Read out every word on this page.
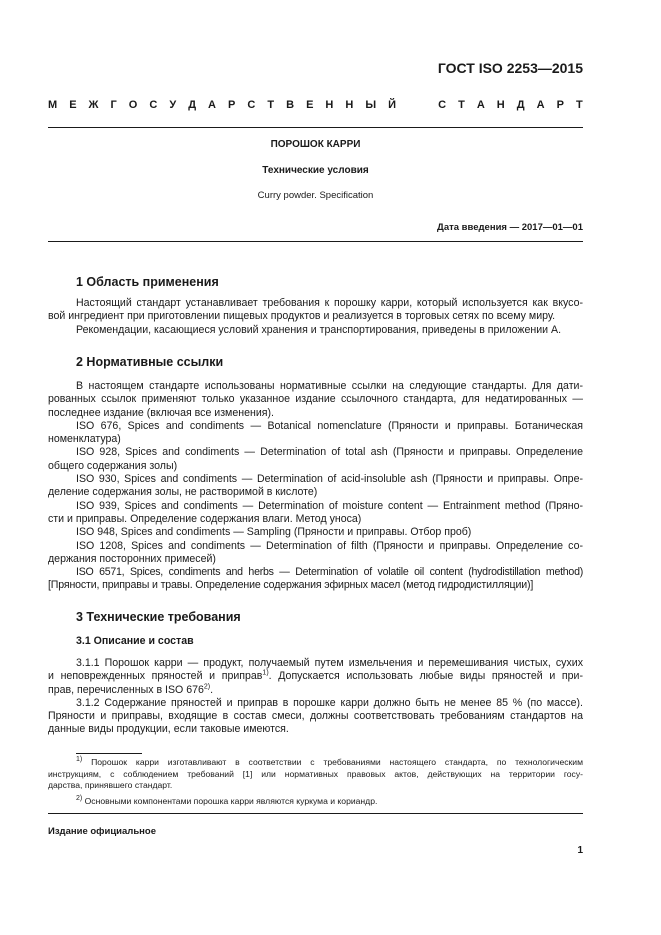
ГОСТ ISO 2253—2015
М Е Ж Г О С У Д А Р С Т В Е Н Н Ы Й	С Т А Н Д А Р Т
ПОРОШОК КАРРИ
Технические условия
Curry powder. Specification
Дата введения — 2017—01—01
1 Область применения
Настоящий стандарт устанавливает требования к порошку карри, который используется как вкусо-
вой ингредиент при приготовлении пищевых продуктов и реализуется в торговых сетях по всему миру.
Рекомендации, касающиеся условий хранения и транспортирования, приведены в приложении А.
2 Нормативные ссылки
В настоящем стандарте использованы нормативные ссылки на следующие стандарты. Для дати-
рованных ссылок применяют только указанное издание ссылочного стандарта, для недатированных —
последнее издание (включая все изменения).
ISO 676, Spices and condiments — Botanical nomenclature (Пряности и приправы. Ботаническая
номенклатура)
ISO 928, Spices and condiments — Determination of total ash (Пряности и приправы. Определение
общего содержания золы)
ISO 930, Spices and condiments — Determination of acid-insoluble ash (Пряности и приправы. Опре-
деление содержания золы, не растворимой в кислоте)
ISO 939, Spices and condiments — Determination of moisture content — Entrainment method (Пряно-
сти и приправы. Определение содержания влаги. Метод уноса)
ISO 948, Spices and condiments — Sampling (Пряности и приправы. Отбор проб)
ISO 1208, Spices and condiments — Determination of filth (Пряности и приправы. Определение со-
держания посторонних примесей)
ISO 6571, Spices, condiments and herbs — Determination of volatile oil content (hydrodistillation method)
[Пряности, приправы и травы. Определение содержания эфирных масел (метод гидродистилляции)]
3 Технические требования
3.1 Описание и состав
3.1.1 Порошок карри — продукт, получаемый путем измельчения и перемешивания чистых, сухих
и неповрежденных пряностей и приправ$^{1)}$. Допускается использовать любые виды пряностей и при-
прав, перечисленных в ISO 676$^{2)}$.
3.1.2 Содержание пряностей и приправ в порошке карри должно быть не менее 85 % (по массе).
Пряности и приправы, входящие в состав смеси, должны соответствовать требованиям стандартов на
данные виды продукции, если таковые имеются.
$^{1)}$ Порошок карри изготавливают в соответствии с требованиями настоящего стандарта, по технологическим
инструкциям, с соблюдением требований [1] или нормативных правовых актов, действующих на территории госу-
дарства, принявшего стандарт.
$^{2)}$ Основными компонентами порошка карри являются куркума и кориандр.
Издание официальное
1
